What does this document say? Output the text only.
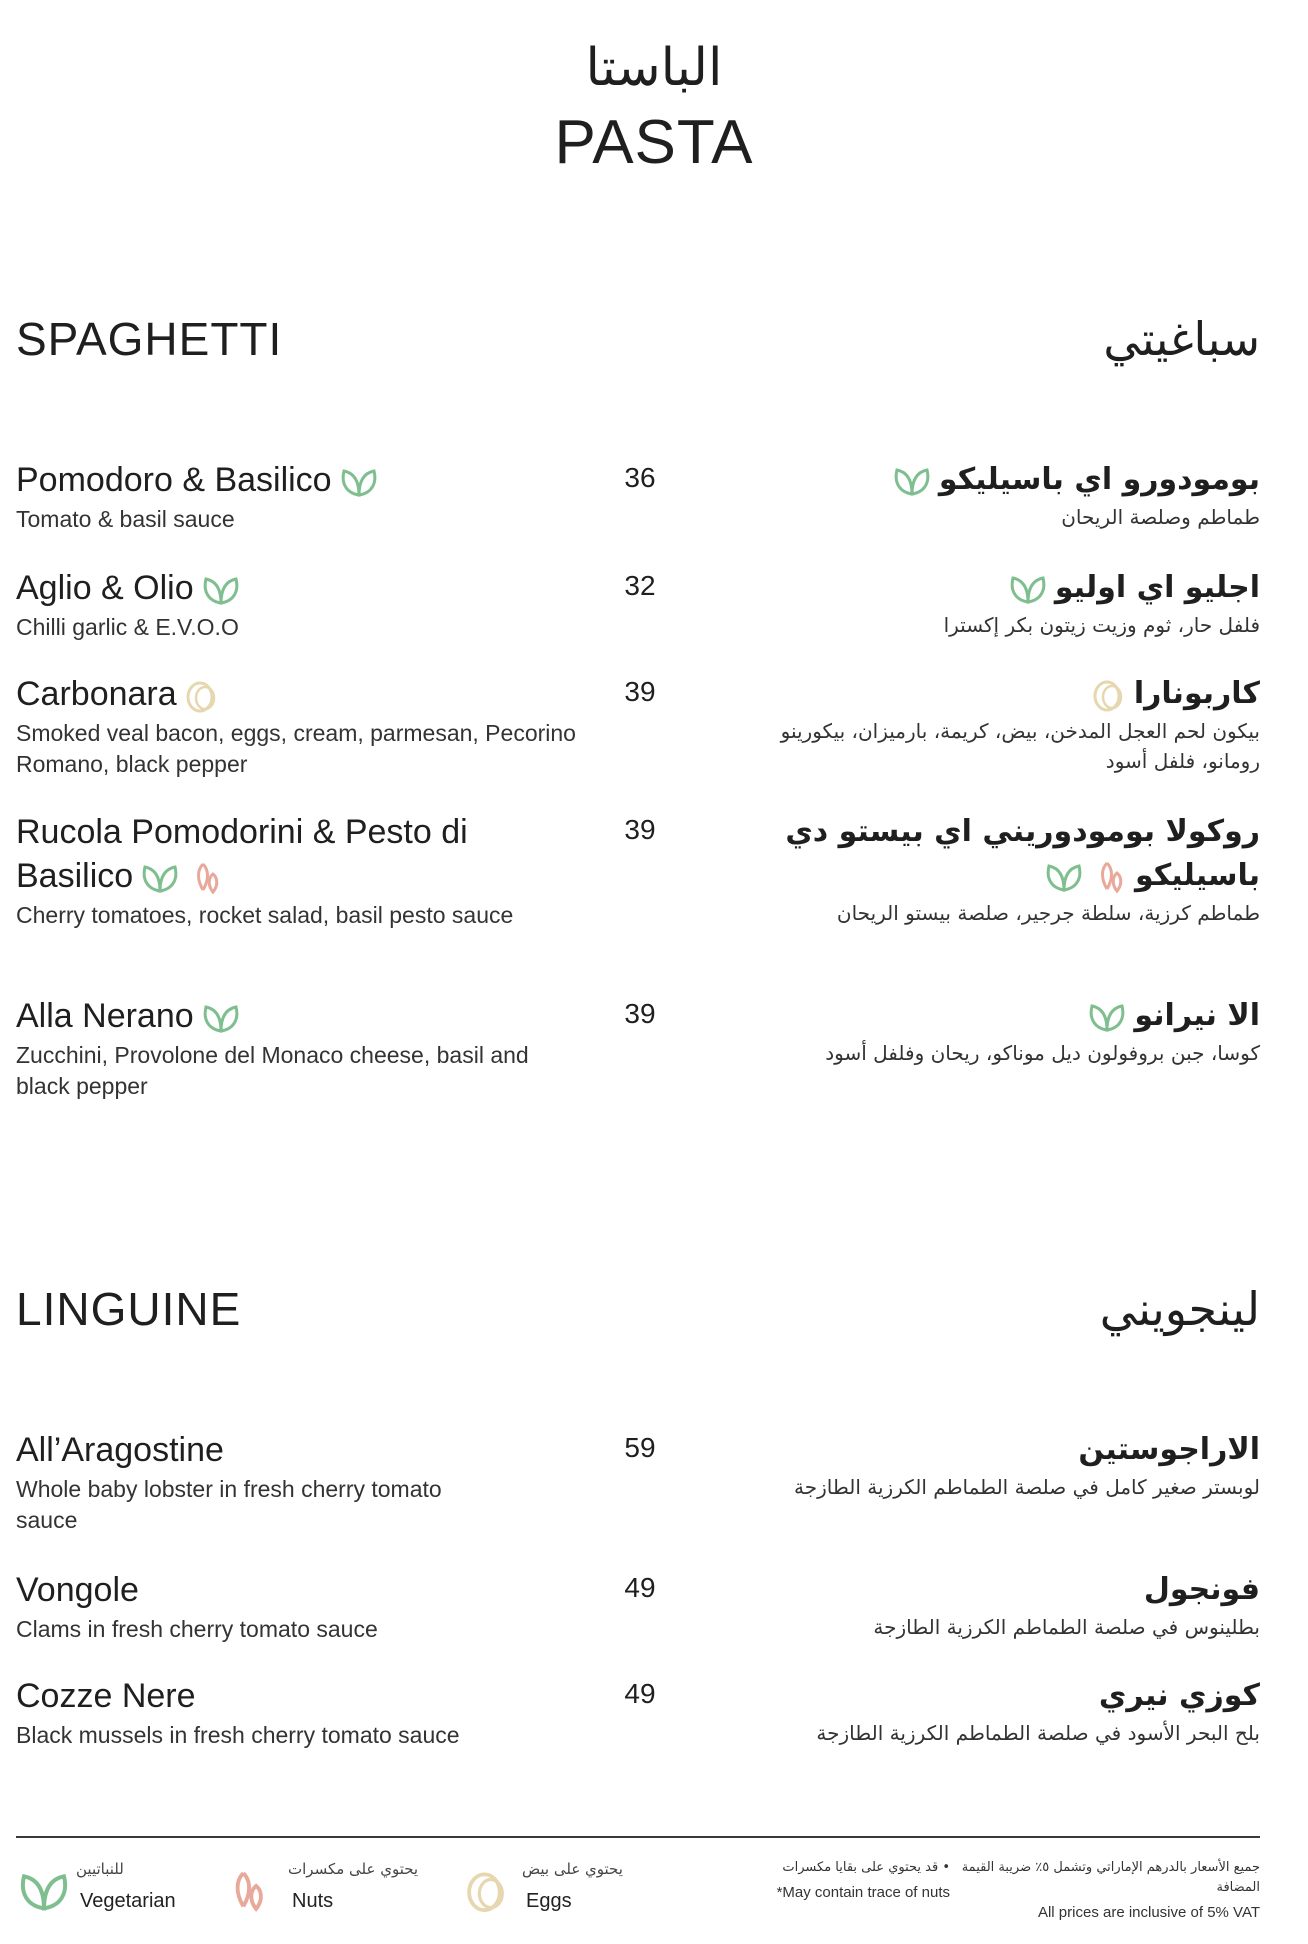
الباستا
PASTA
SPAGHETTI	سباغيتي
Pomodoro & Basilico
Tomato & basil sauce
36	بومودورو اي باسيليكو
طماطم وصلصة الريحان
Aglio & Olio
Chilli garlic & E.V.O.O
32	اجليو اي اوليو
فلفل حار، ثوم وزيت زيتون بكر إكسترا
Carbonara
Smoked veal bacon, eggs, cream, parmesan, Pecorino Romano, black pepper
39	كاربونارا
بيكون لحم العجل المدخن، بيض، كريمة، بارميزان، بيكورينو رومانو، فلفل أسود
Rucola Pomodorini & Pesto di Basilico
Cherry tomatoes, rocket salad, basil pesto sauce
39	روكولا بومودوريني اي بيستو دي باسيليكو
طماطم كرزية، سلطة جرجير، صلصة بيستو الريحان
Alla Nerano
Zucchini, Provolone del Monaco cheese, basil and black pepper
39	الا نيرانو
كوسا، جبن بروفولون ديل موناكو، ريحان وفلفل أسود
LINGUINE	لينجويني
All’Aragostine
Whole baby lobster in fresh cherry tomato sauce
59	الاراجوستين
لوبستر صغير كامل في صلصة الطماطم الكرزية الطازجة
Vongole
Clams in fresh cherry tomato sauce
49	فونجول
بطلينوس في صلصة الطماطم الكرزية الطازجة
Cozze Nere
Black mussels in fresh cherry tomato sauce
49	كوزي نيري
بلح البحر الأسود في صلصة الطماطم الكرزية الطازجة
للنباتيين
Vegetarian
يحتوي على مكسرات
Nuts
يحتوي على بيض
Eggs
• قد يحتوي على بقايا مكسرات
*May contain trace of nuts
جميع الأسعار بالدرهم الإماراتي وتشمل ٥٪ ضريبة القيمة المضافة
All prices are inclusive of 5% VAT
